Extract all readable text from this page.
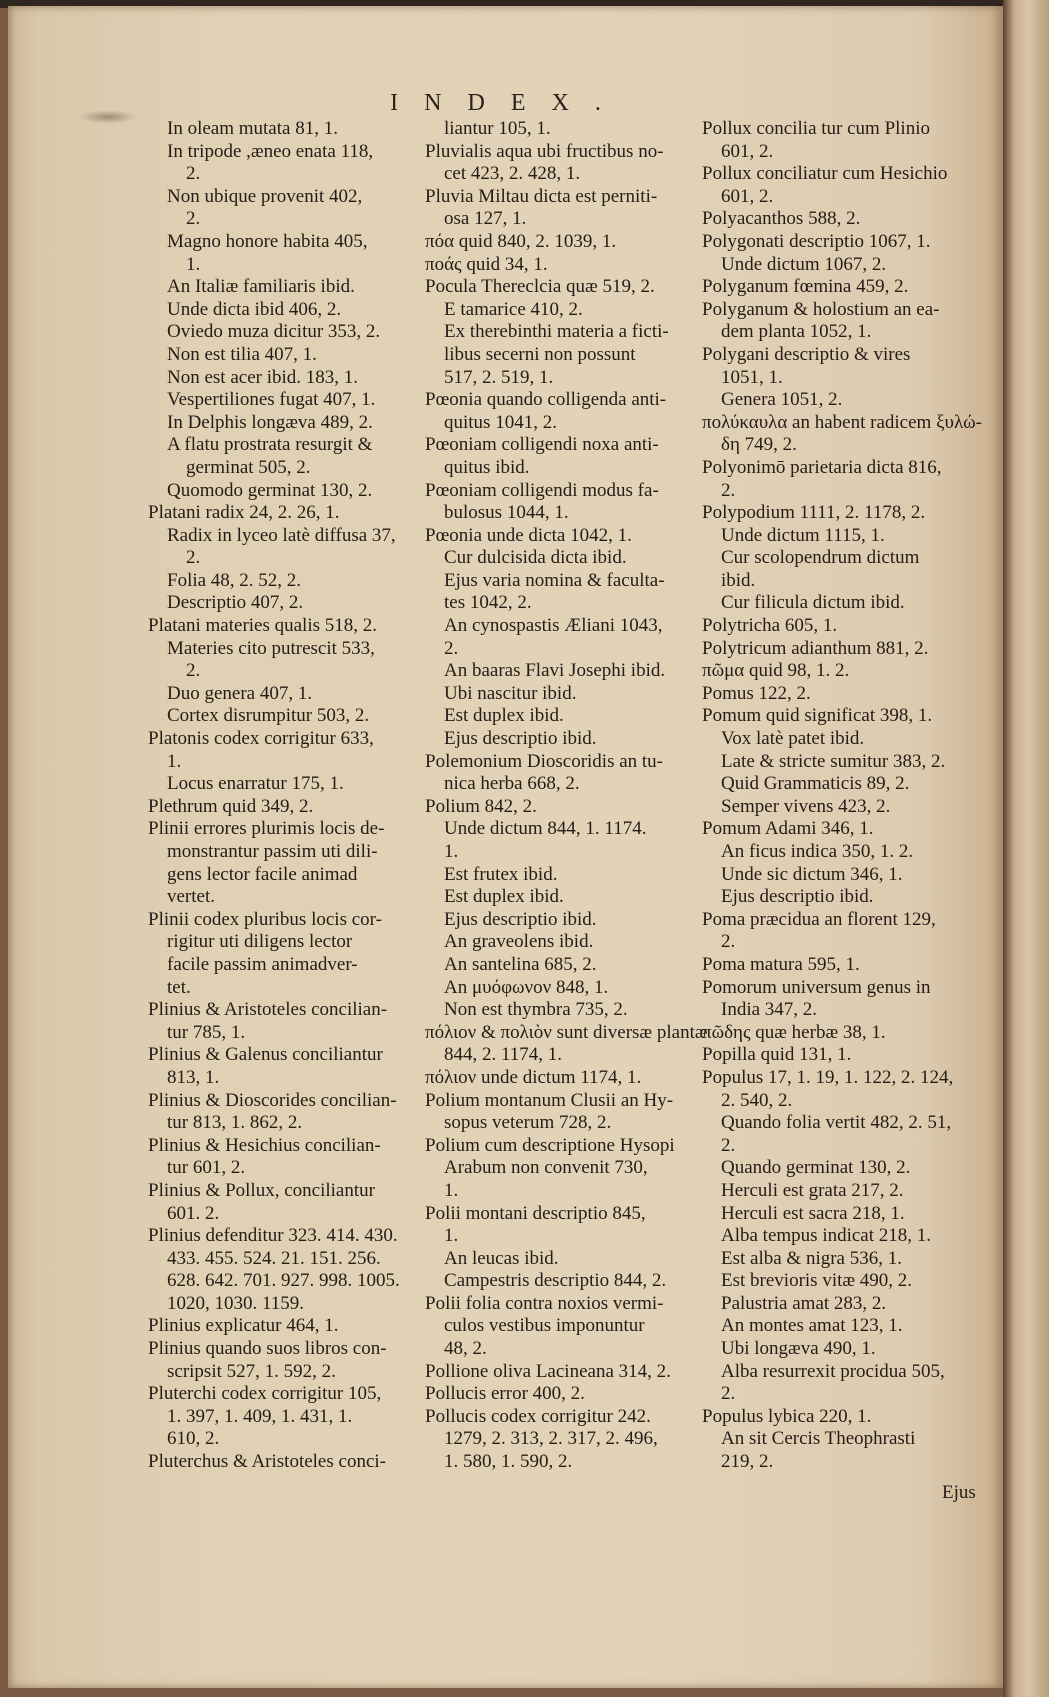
INDEX.
In oleam mutata 81, 1.
In tripode ,æneo enata 118,
2.
Non ubique provenit 402,
2.
Magno honore habita 405,
1.
An Italiæ familiaris ibid.
Unde dicta ibid 406, 2.
Oviedo muza dicitur 353, 2.
Non est tilia 407, 1.
Non est acer ibid. 183, 1.
Vespertiliones fugat 407, 1.
In Delphis longæva 489, 2.
A flatu prostrata resurgit &
germinat 505, 2.
Quomodo germinat 130, 2.
Platani radix 24, 2. 26, 1.
Radix in lyceo latè diffusa 37,
2.
Folia 48, 2. 52, 2.
Descriptio 407, 2.
Platani materies qualis 518, 2.
Materies cito putrescit 533,
2.
Duo genera 407, 1.
Cortex disrumpitur 503, 2.
Platonis codex corrigitur 633,
1.
Locus enarratur 175, 1.
Plethrum quid 349, 2.
Plinii errores plurimis locis de-
monstrantur passim uti dili-
gens lector facile animad
vertet.
Plinii codex pluribus locis cor-
rigitur uti diligens lector
facile passim animadver-
tet.
Plinius & Aristoteles concilian-
tur 785, 1.
Plinius & Galenus conciliantur
813, 1.
Plinius & Dioscorides concilian-
tur 813, 1. 862, 2.
Plinius & Hesichius concilian-
tur 601, 2.
Plinius & Pollux, conciliantur
601. 2.
Plinius defenditur 323. 414. 430.
433. 455. 524. 21. 151. 256.
628. 642. 701. 927. 998. 1005.
1020, 1030. 1159.
Plinius explicatur 464, 1.
Plinius quando suos libros con-
scripsit 527, 1. 592, 2.
Pluterchi codex corrigitur 105,
1. 397, 1. 409, 1. 431, 1.
610, 2.
Pluterchus & Aristoteles conci-
liantur 105, 1.
Pluvialis aqua ubi fructibus no-
cet 423, 2. 428, 1.
Pluvia Miltau dicta est perniti-
osa 127, 1.
πόα quid 840, 2. 1039, 1.
ποάς quid 34, 1.
Pocula Thereclcia quæ 519, 2.
E tamarice 410, 2.
Ex therebinthi materia a ficti-
libus secerni non possunt
517, 2. 519, 1.
Pœonia quando colligenda anti-
quitus 1041, 2.
Pœoniam colligendi noxa anti-
quitus ibid.
Pœoniam colligendi modus fa-
bulosus 1044, 1.
Pœonia unde dicta 1042, 1.
Cur dulcisida dicta ibid.
Ejus varia nomina & faculta-
tes 1042, 2.
An cynospastis Æliani 1043,
2.
An baaras Flavi Josephi ibid.
Ubi nascitur ibid.
Est duplex ibid.
Ejus descriptio ibid.
Polemonium Dioscoridis an tu-
nica herba 668, 2.
Polium 842, 2.
Unde dictum 844, 1. 1174.
1.
Est frutex ibid.
Est duplex ibid.
Ejus descriptio ibid.
An graveolens ibid.
An santelina 685, 2.
An μυόφωνον 848, 1.
Non est thymbra 735, 2.
πόλιον & πολιὸν sunt diversæ plantæ
844, 2. 1174, 1.
πόλιον unde dictum 1174, 1.
Polium montanum Clusii an Hy-
sopus veterum 728, 2.
Polium cum descriptione Hysopi
Arabum non convenit 730,
1.
Polii montani descriptio 845,
1.
An leucas ibid.
Campestris descriptio 844, 2.
Polii folia contra noxios vermi-
culos vestibus imponuntur
48, 2.
Pollione oliva Lacineana 314, 2.
Pollucis error 400, 2.
Pollucis codex corrigitur 242.
1279, 2. 313, 2. 317, 2. 496,
1. 580, 1. 590, 2.
Pollux concilia tur cum Plinio
601, 2.
Pollux conciliatur cum Hesichio
601, 2.
Polyacanthos 588, 2.
Polygonati descriptio 1067, 1.
Unde dictum 1067, 2.
Polyganum fœmina 459, 2.
Polyganum & holostium an ea-
dem planta 1052, 1.
Polygani descriptio & vires
1051, 1.
Genera 1051, 2.
πολύκαυλα an habent radicem ξυλώ-
δη 749, 2.
Polyonimō parietaria dicta 816,
2.
Polypodium 1111, 2. 1178, 2.
Unde dictum 1115, 1.
Cur scolopendrum dictum
ibid.
Cur filicula dictum ibid.
Polytricha 605, 1.
Polytricum adianthum 881, 2.
πῶμα quid 98, 1. 2.
Pomus 122, 2.
Pomum quid significat 398, 1.
Vox latè patet ibid.
Late & stricte sumitur 383, 2.
Quid Grammaticis 89, 2.
Semper vivens 423, 2.
Pomum Adami 346, 1.
An ficus indica 350, 1. 2.
Unde sic dictum 346, 1.
Ejus descriptio ibid.
Poma præcidua an florent 129,
2.
Poma matura 595, 1.
Pomorum universum genus in
India 347, 2.
πῶδης quæ herbæ 38, 1.
Popilla quid 131, 1.
Populus 17, 1. 19, 1. 122, 2. 124,
2. 540, 2.
Quando folia vertit 482, 2. 51,
2.
Quando germinat 130, 2.
Herculi est grata 217, 2.
Herculi est sacra 218, 1.
Alba tempus indicat 218, 1.
Est alba & nigra 536, 1.
Est brevioris vitæ 490, 2.
Palustria amat 283, 2.
An montes amat 123, 1.
Ubi longæva 490, 1.
Alba resurrexit procidua 505,
2.
Populus lybica 220, 1.
An sit Cercis Theophrasti
219, 2.
Ejus
